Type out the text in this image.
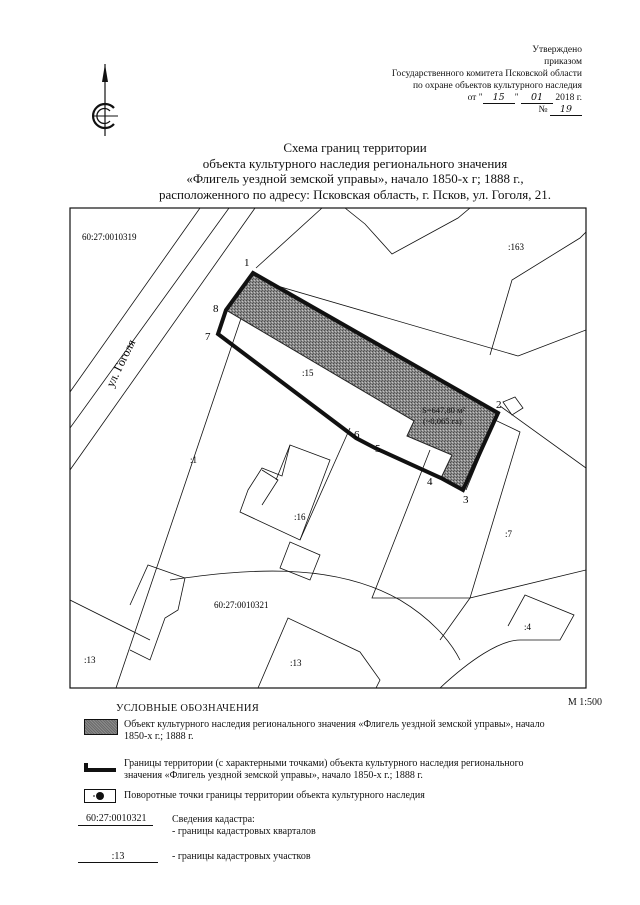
Утверждено
приказом
Государственного комитета Псковской области
по охране объектов культурного наследия
от " 15 " 01 2018 г.
№ 19
Схема границ территории
объекта культурного наследия регионального значения
«Флигель уездной земской управы», начало 1850-х г; 1888 г.,
расположенного по адресу: Псковская область, г. Псков, ул. Гоголя, 21.
S=647,80 м²
(~0,065 га)
1
2
3
4
5
6
7
8
60:27:0010319
60:27:0010321
ул. Гоголя
:163
:15
:1
:16
:7
:4
:13	:13
М 1:500
УСЛОВНЫЕ ОБОЗНАЧЕНИЯ
Объект культурного наследия регионального значения «Флигель уездной земской управы», начало
1850-х г.; 1888 г.
Границы территории (с характерными точками) объекта культурного наследия регионального
значения «Флигель уездной земской управы», начало 1850-х г.; 1888 г.
Поворотные точки границы территории объекта культурного наследия
60:27:0010321	Сведения кадастра:
- границы кадастровых кварталов
:13	- границы кадастровых участков
